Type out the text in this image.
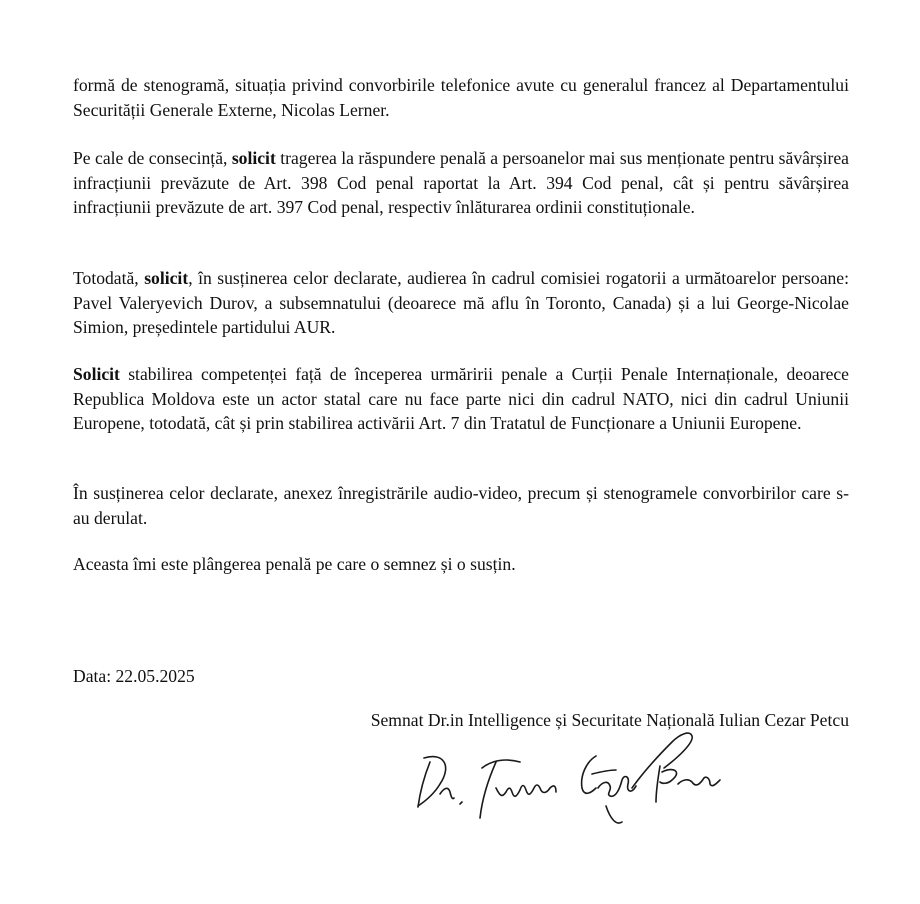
formă de stenogramă, situația privind convorbirile telefonice avute cu generalul francez al Departamentului Securității Generale Externe, Nicolas Lerner.

Pe cale de consecință, solicit tragerea la răspundere penală a persoanelor mai sus menționate pentru săvârșirea infracțiunii prevăzute de Art. 398 Cod penal raportat la Art. 394 Cod penal, cât și pentru săvârșirea infracțiunii prevăzute de art. 397 Cod penal, respectiv înlăturarea ordinii constituționale.

Totodată, solicit, în susținerea celor declarate, audierea în cadrul comisiei rogatorii a următoarelor persoane: Pavel Valeryevich Durov, a subsemnatului (deoarece mă aflu în Toronto, Canada) și a lui George-Nicolae Simion, președintele partidului AUR.

Solicit stabilirea competenței față de începerea urmăririi penale a Curții Penale Internaționale, deoarece Republica Moldova este un actor statal care nu face parte nici din cadrul NATO, nici din cadrul Uniunii Europene, totodată, cât și prin stabilirea activării Art. 7 din Tratatul de Funcționare a Uniunii Europene.

În susținerea celor declarate, anexez înregistrările audio-video, precum și stenogramele convorbirilor care s-au derulat.

Aceasta îmi este plângerea penală pe care o semnez și o susțin.

Data: 22.05.2025

Semnat Dr.in Intelligence și Securitate Națională Iulian Cezar Petcu
